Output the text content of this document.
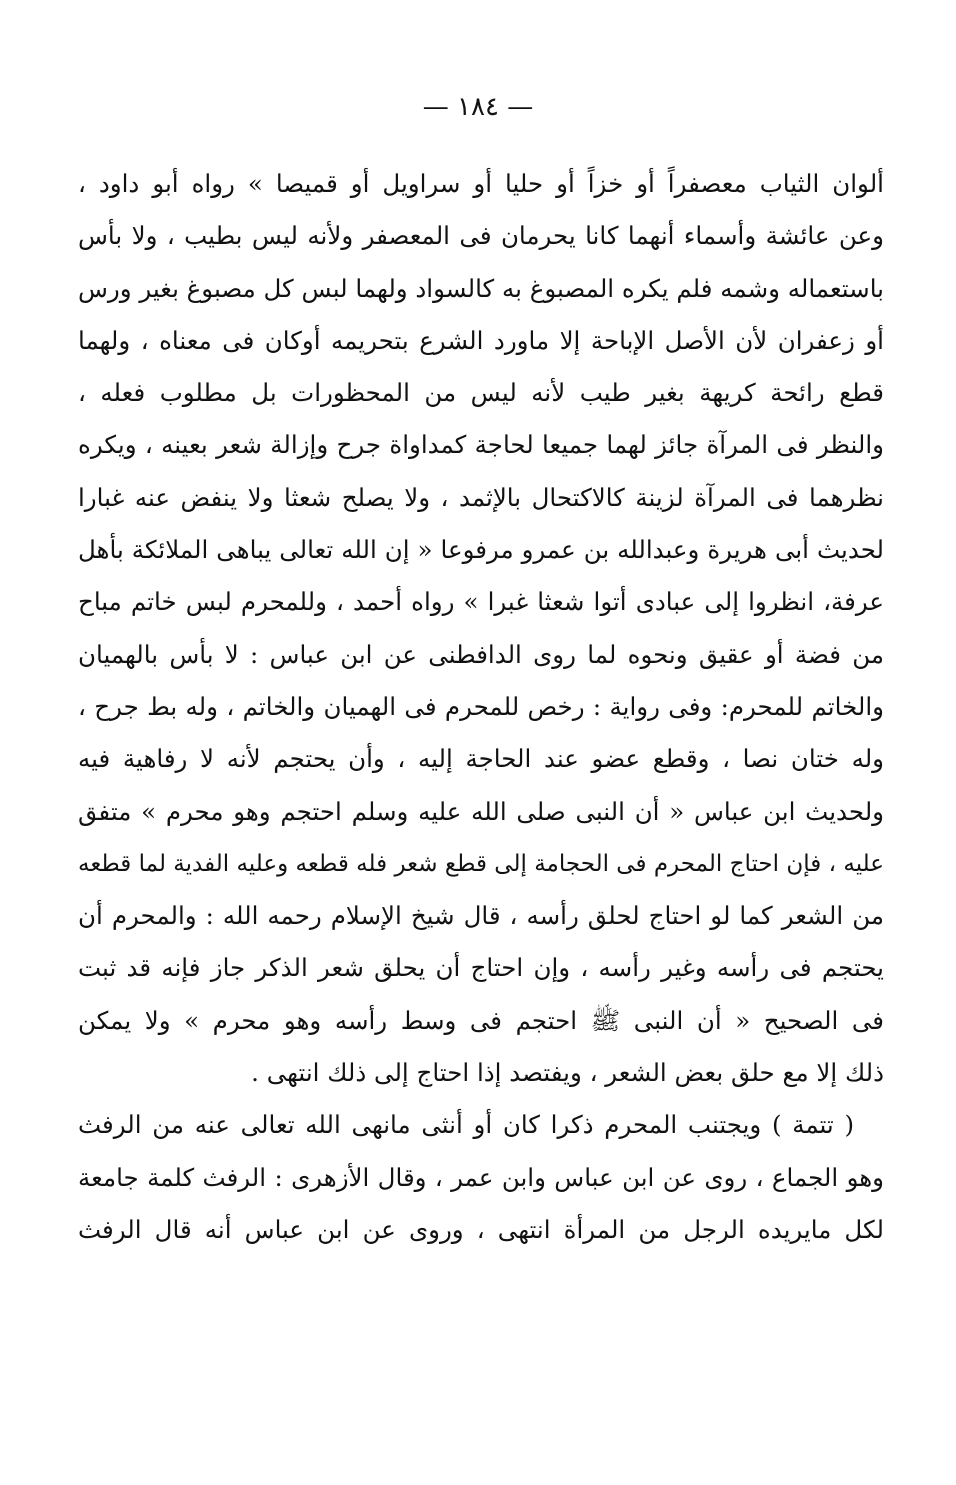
— ١٨٤ —
ألوان الثياب معصفراً أو خزاً أو حليا أو سراويل أو قميصا » رواه أبو داود ،
وعن عائشة وأسماء أنهما كانا يحرمان فى المعصفر ولأنه ليس بطيب ، ولا بأس
باستعماله وشمه فلم يكره المصبوغ به كالسواد ولهما لبس كل مصبوغ بغير ورس
أو زعفران لأن الأصل الإباحة إلا ماورد الشرع بتحريمه أوكان فى معناه ، ولهما
قطع رائحة كريهة بغير طيب لأنه ليس من المحظورات بل مطلوب فعله ،
والنظر فى المرآة جائز لهما جميعا لحاجة كمداواة جرح وإزالة شعر بعينه ، ويكره
نظرهما فى المرآة لزينة كالاكتحال بالإثمد ، ولا يصلح شعثا ولا ينفض عنه غبارا
لحديث أبى هريرة وعبدالله بن عمرو مرفوعا « إن الله تعالى يباهى الملائكة بأهل
عرفة، انظروا إلى عبادى أتوا شعثا غبرا » رواه أحمد ، وللمحرم لبس خاتم مباح
من فضة أو عقيق ونحوه لما روى الدافطنى عن ابن عباس : لا بأس بالهميان
والخاتم للمحرم: وفى رواية : رخص للمحرم فى الهميان والخاتم ، وله بط جرح ،
وله ختان نصا ، وقطع عضو عند الحاجة إليه ، وأن يحتجم لأنه لا رفاهية فيه
ولحديث ابن عباس « أن النبى صلى الله عليه وسلم احتجم وهو محرم » متفق
عليه ، فإن احتاج المحرم فى الحجامة إلى قطع شعر فله قطعه وعليه الفدية لما قطعه
من الشعر كما لو احتاج لحلق رأسه ، قال شيخ الإسلام رحمه الله : والمحرم أن
يحتجم فى رأسه وغير رأسه ، وإن احتاج أن يحلق شعر الذكر جاز فإنه قد ثبت
فى الصحيح « أن النبى ﷺ احتجم فى وسط رأسه وهو محرم » ولا يمكن
ذلك إلا مع حلق بعض الشعر ، ويفتصد إذا احتاج إلى ذلك انتهى .
( تتمة ) ويجتنب المحرم ذكرا كان أو أنثى مانهى الله تعالى عنه من الرفث
وهو الجماع ، روى عن ابن عباس وابن عمر ، وقال الأزهرى : الرفث كلمة جامعة
لكل مايريده الرجل من المرأة انتهى ، وروى عن ابن عباس أنه قال الرفث
